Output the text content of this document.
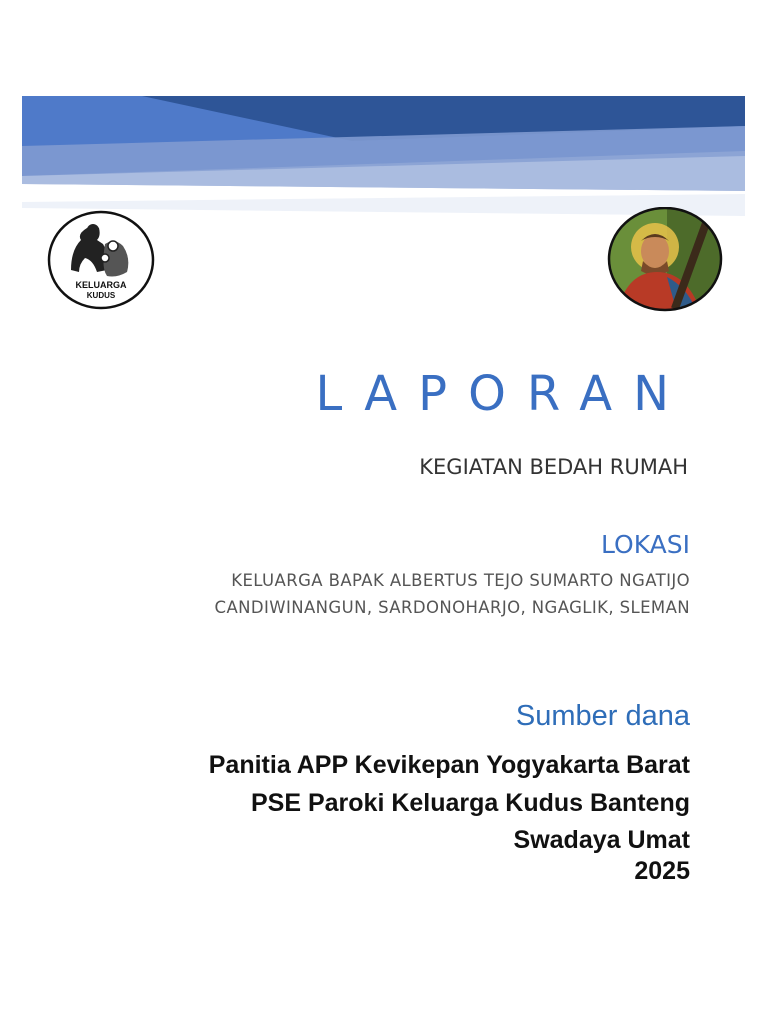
KELUARGA
KUDUS
LAPORAN
KEGIATAN BEDAH RUMAH
LOKASI
KELUARGA BAPAK ALBERTUS TEJO SUMARTO NGATIJO
CANDIWINANGUN, SARDONOHARJO, NGAGLIK, SLEMAN
Sumber dana
Panitia APP Kevikepan Yogyakarta Barat
PSE Paroki Keluarga Kudus Banteng
Swadaya Umat
2025
